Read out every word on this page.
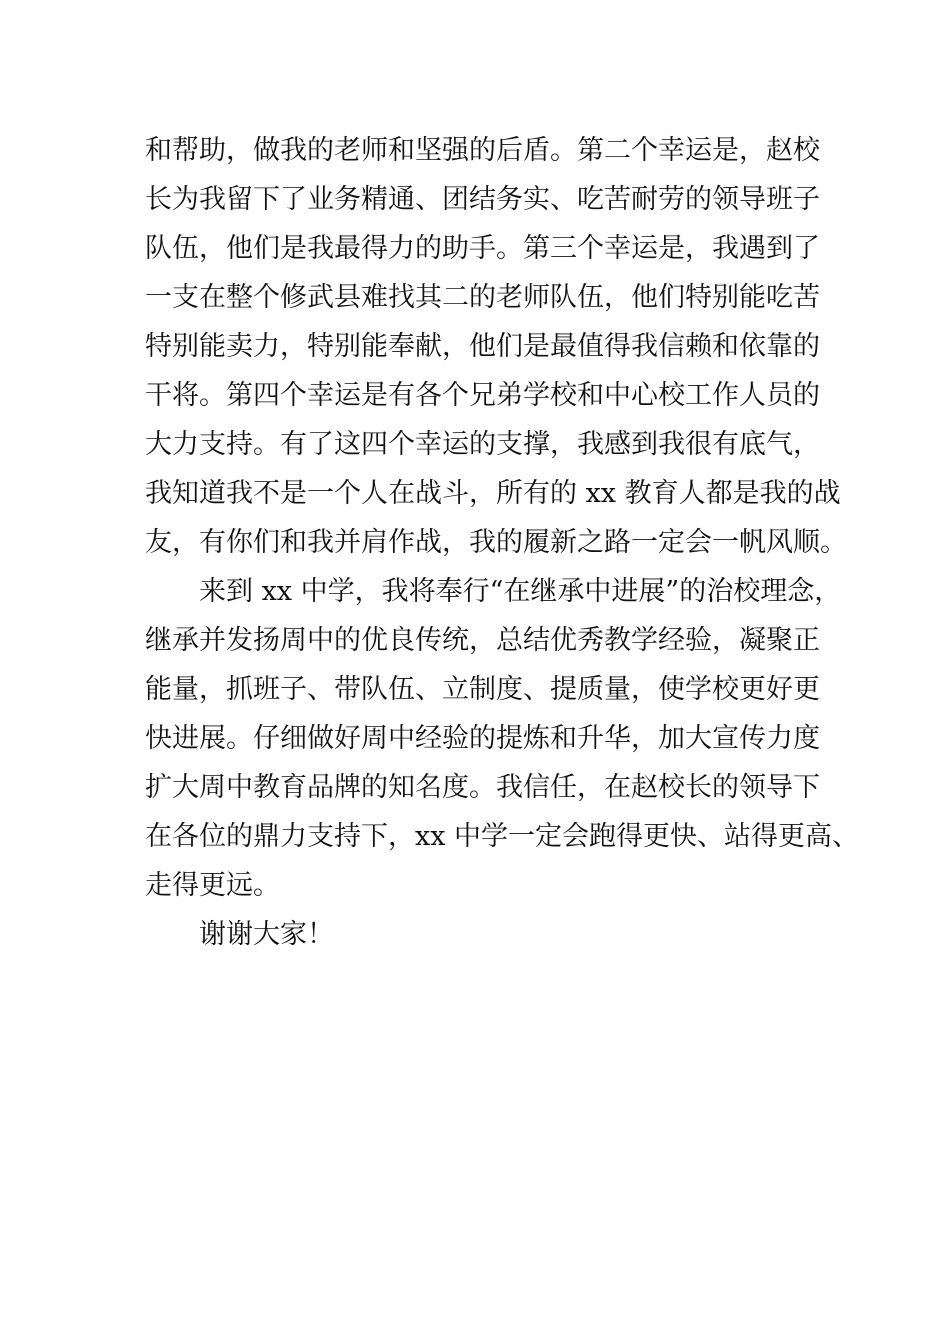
和帮助，做我的老师和坚强的后盾。第二个幸运是，赵校
长为我留下了业务精通、团结务实、吃苦耐劳的领导班子
队伍，他们是我最得力的助手。第三个幸运是，我遇到了
一支在整个修武县难找其二的老师队伍，他们特别能吃苦
特别能卖力，特别能奉献，他们是最值得我信赖和依靠的
干将。第四个幸运是有各个兄弟学校和中心校工作人员的
大力支持。有了这四个幸运的支撑，我感到我很有底气，
我知道我不是一个人在战斗，所有的 xx 教育人都是我的战
友，有你们和我并肩作战，我的履新之路一定会一帆风顺。
来到 xx 中学，我将奉行“在继承中进展”的治校理念，
继承并发扬周中的优良传统，总结优秀教学经验，凝聚正
能量，抓班子、带队伍、立制度、提质量，使学校更好更
快进展。仔细做好周中经验的提炼和升华，加大宣传力度
扩大周中教育品牌的知名度。我信任，在赵校长的领导下
在各位的鼎力支持下，xx 中学一定会跑得更快、站得更高、
走得更远。
谢谢大家！
